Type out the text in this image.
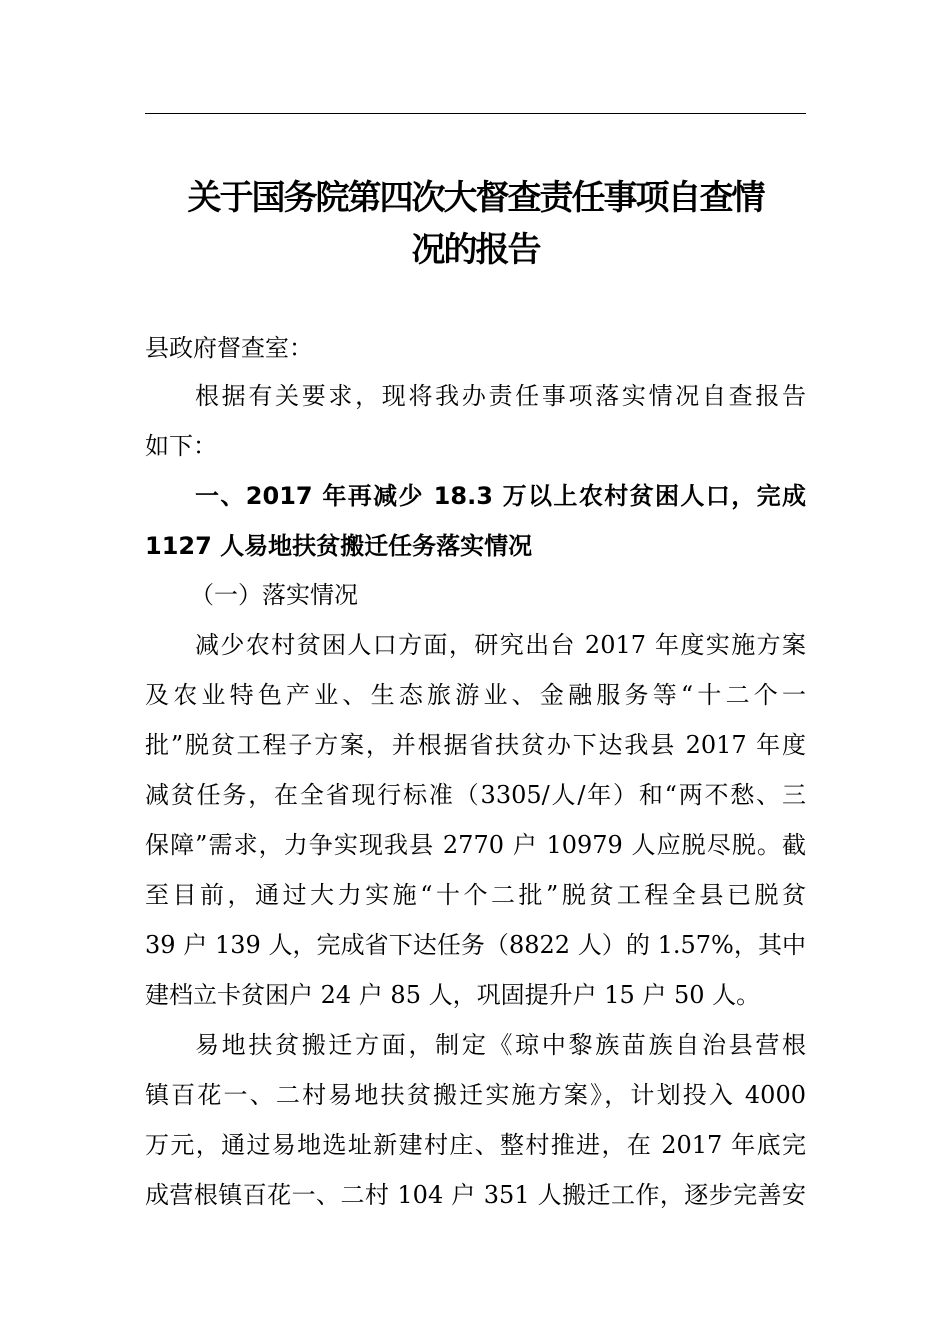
关于国务院第四次大督查责任事项自查情
况的报告
县政府督查室：
根据有关要求，现将我办责任事项落实情况自查报告
如下：
一、2017 年再减少 18.3 万以上农村贫困人口，完成
1127 人易地扶贫搬迁任务落实情况
（一）落实情况
减少农村贫困人口方面，研究出台 2017 年度实施方案
及农业特色产业、生态旅游业、金融服务等“十二个一
批”脱贫工程子方案，并根据省扶贫办下达我县 2017 年度
减贫任务，在全省现行标准（3305/人/年）和“两不愁、三
保障”需求，力争实现我县 2770 户 10979 人应脱尽脱。截
至目前，通过大力实施“十个二批”脱贫工程全县已脱贫
39 户 139 人，完成省下达任务（8822 人）的 1.57%，其中
建档立卡贫困户 24 户 85 人，巩固提升户 15 户 50 人。
易地扶贫搬迁方面，制定《琼中黎族苗族自治县营根
镇百花一、二村易地扶贫搬迁实施方案》，计划投入 4000
万元，通过易地选址新建村庄、整村推进，在 2017 年底完
成营根镇百花一、二村 104 户 351 人搬迁工作，逐步完善安
